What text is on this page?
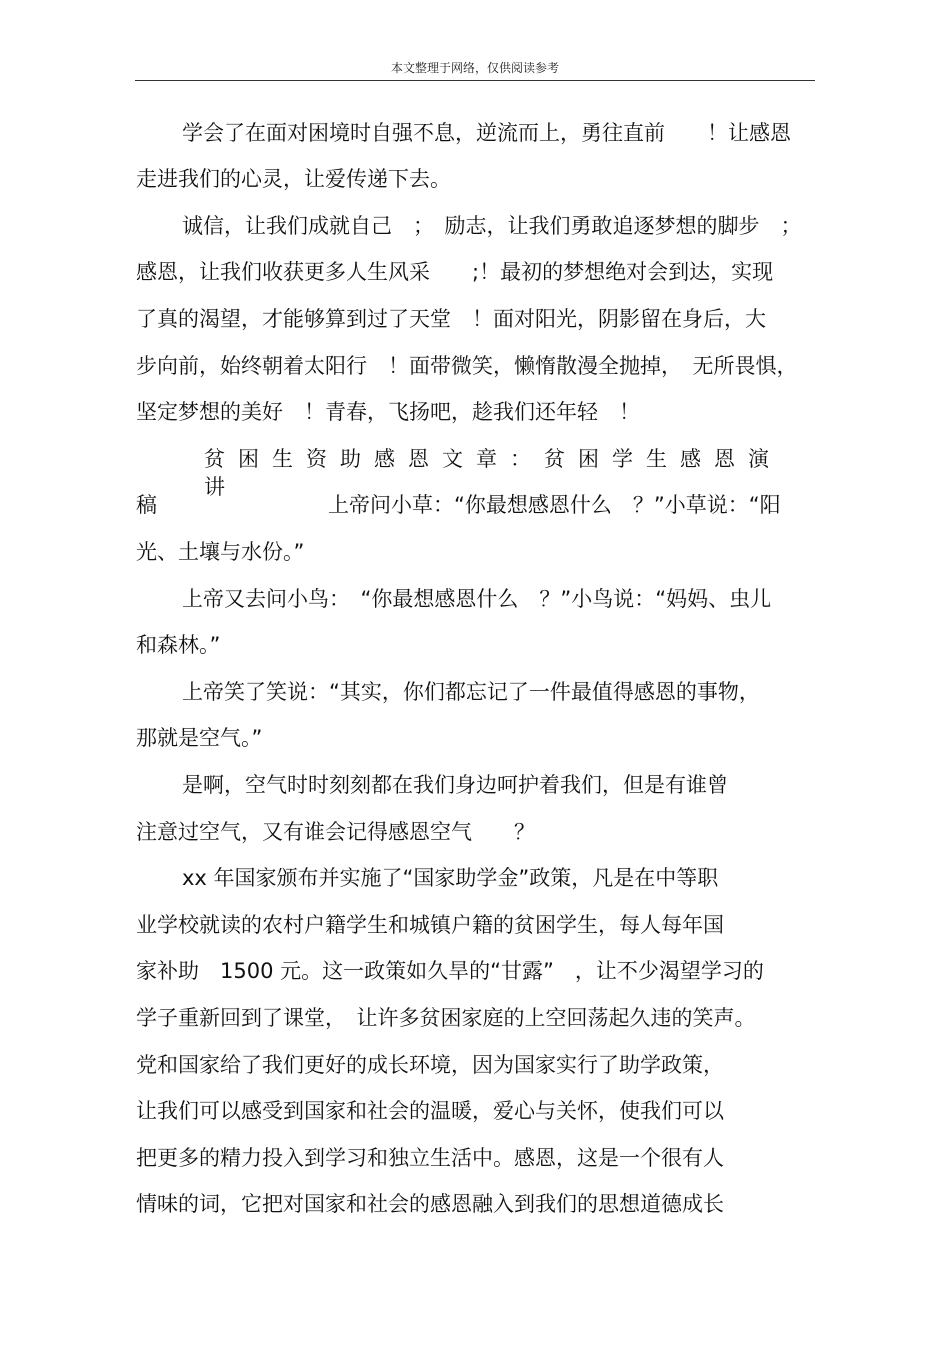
本文整理于网络，仅供阅读参考
学会了在面对困境时自强不息，逆流而上，勇往直前　　！让感恩
走进我们的心灵，让爱传递下去。
诚信，让我们成就自己　；　励志，让我们勇敢追逐梦想的脚步　；
感恩，让我们收获更多人生风采　　;！最初的梦想绝对会到达，实现
了真的渴望，才能够算到过了天堂　！面对阳光，阴影留在身后，大
步向前，始终朝着太阳行　！面带微笑，懒惰散漫全抛掉，　无所畏惧，
坚定梦想的美好　！青春，飞扬吧，趁我们还年轻　！
贫困生资助感恩文章：贫困学生感恩演讲
稿	上帝问小草：“你最想感恩什么　？”小草说：“阳
光、土壤与水份。”
上帝又去问小鸟：　“你最想感恩什么　？”小鸟说：“妈妈、虫儿
和森林。”
上帝笑了笑说：“其实，你们都忘记了一件最值得感恩的事物，
那就是空气。”
是啊，空气时时刻刻都在我们身边呵护着我们，但是有谁曾
注意过空气，又有谁会记得感恩空气　　？
xx 年国家颁布并实施了“国家助学金”政策，凡是在中等职
业学校就读的农村户籍学生和城镇户籍的贫困学生，每人每年国
家补助　1500 元。这一政策如久旱的“甘露”　，让不少渴望学习的
学子重新回到了课堂，　让许多贫困家庭的上空回荡起久违的笑声。
党和国家给了我们更好的成长环境，因为国家实行了助学政策，
让我们可以感受到国家和社会的温暖，爱心与关怀，使我们可以
把更多的精力投入到学习和独立生活中。感恩，这是一个很有人
情味的词，它把对国家和社会的感恩融入到我们的思想道德成长
